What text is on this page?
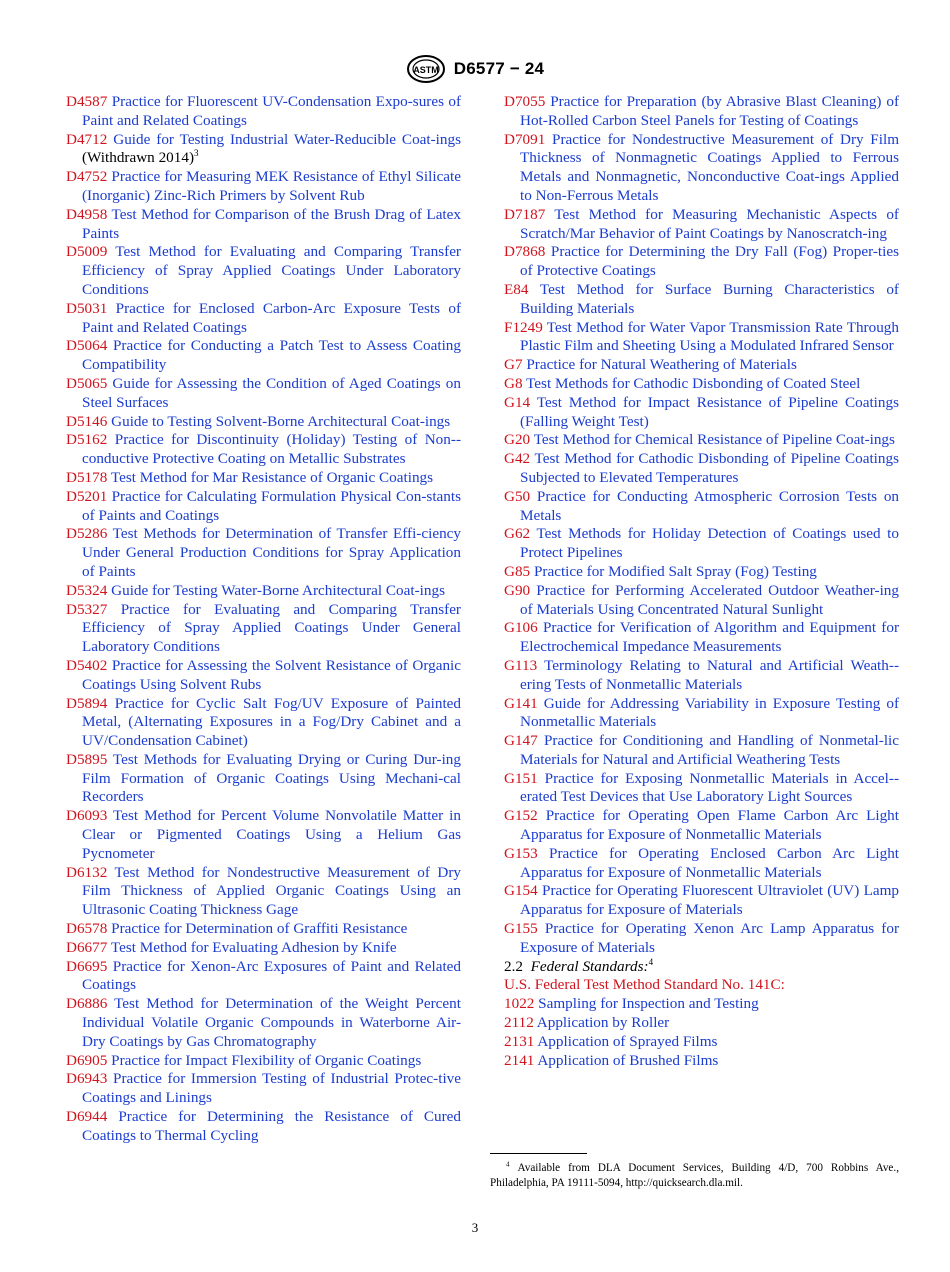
ASTM D6577 − 24
D4587 Practice for Fluorescent UV-Condensation Expo-sures of Paint and Related Coatings
D4712 Guide for Testing Industrial Water-Reducible Coat-ings (Withdrawn 2014)$^3$
D4752 Practice for Measuring MEK Resistance of Ethyl Silicate (Inorganic) Zinc-Rich Primers by Solvent Rub
D4958 Test Method for Comparison of the Brush Drag of Latex Paints
D5009 Test Method for Evaluating and Comparing Transfer Efficiency of Spray Applied Coatings Under Laboratory Conditions
D5031 Practice for Enclosed Carbon-Arc Exposure Tests of Paint and Related Coatings
D5064 Practice for Conducting a Patch Test to Assess Coating Compatibility
D5065 Guide for Assessing the Condition of Aged Coatings on Steel Surfaces
D5146 Guide to Testing Solvent-Borne Architectural Coat-ings
D5162 Practice for Discontinuity (Holiday) Testing of Non-conductive Protective Coating on Metallic Substrates
D5178 Test Method for Mar Resistance of Organic Coatings
D5201 Practice for Calculating Formulation Physical Con-stants of Paints and Coatings
D5286 Test Methods for Determination of Transfer Effi-ciency Under General Production Conditions for Spray Application of Paints
D5324 Guide for Testing Water-Borne Architectural Coat-ings
D5327 Practice for Evaluating and Comparing Transfer Efficiency of Spray Applied Coatings Under General Laboratory Conditions
D5402 Practice for Assessing the Solvent Resistance of Organic Coatings Using Solvent Rubs
D5894 Practice for Cyclic Salt Fog/UV Exposure of Painted Metal, (Alternating Exposures in a Fog/Dry Cabinet and a UV/Condensation Cabinet)
D5895 Test Methods for Evaluating Drying or Curing Dur-ing Film Formation of Organic Coatings Using Mechani-cal Recorders
D6093 Test Method for Percent Volume Nonvolatile Matter in Clear or Pigmented Coatings Using a Helium Gas Pycnometer
D6132 Test Method for Nondestructive Measurement of Dry Film Thickness of Applied Organic Coatings Using an Ultrasonic Coating Thickness Gage
D6578 Practice for Determination of Graffiti Resistance
D6677 Test Method for Evaluating Adhesion by Knife
D6695 Practice for Xenon-Arc Exposures of Paint and Related Coatings
D6886 Test Method for Determination of the Weight Percent Individual Volatile Organic Compounds in Waterborne Air-Dry Coatings by Gas Chromatography
D6905 Practice for Impact Flexibility of Organic Coatings
D6943 Practice for Immersion Testing of Industrial Protec-tive Coatings and Linings
D6944 Practice for Determining the Resistance of Cured Coatings to Thermal Cycling
D7055 Practice for Preparation (by Abrasive Blast Cleaning) of Hot-Rolled Carbon Steel Panels for Testing of Coatings
D7091 Practice for Nondestructive Measurement of Dry Film Thickness of Nonmagnetic Coatings Applied to Ferrous Metals and Nonmagnetic, Nonconductive Coat-ings Applied to Non-Ferrous Metals
D7187 Test Method for Measuring Mechanistic Aspects of Scratch/Mar Behavior of Paint Coatings by Nanoscratch-ing
D7868 Practice for Determining the Dry Fall (Fog) Proper-ties of Protective Coatings
E84 Test Method for Surface Burning Characteristics of Building Materials
F1249 Test Method for Water Vapor Transmission Rate Through Plastic Film and Sheeting Using a Modulated Infrared Sensor
G7 Practice for Natural Weathering of Materials
G8 Test Methods for Cathodic Disbonding of Coated Steel
G14 Test Method for Impact Resistance of Pipeline Coatings (Falling Weight Test)
G20 Test Method for Chemical Resistance of Pipeline Coat-ings
G42 Test Method for Cathodic Disbonding of Pipeline Coatings Subjected to Elevated Temperatures
G50 Practice for Conducting Atmospheric Corrosion Tests on Metals
G62 Test Methods for Holiday Detection of Coatings used to Protect Pipelines
G85 Practice for Modified Salt Spray (Fog) Testing
G90 Practice for Performing Accelerated Outdoor Weather-ing of Materials Using Concentrated Natural Sunlight
G106 Practice for Verification of Algorithm and Equipment for Electrochemical Impedance Measurements
G113 Terminology Relating to Natural and Artificial Weath-ering Tests of Nonmetallic Materials
G141 Guide for Addressing Variability in Exposure Testing of Nonmetallic Materials
G147 Practice for Conditioning and Handling of Nonmetal-lic Materials for Natural and Artificial Weathering Tests
G151 Practice for Exposing Nonmetallic Materials in Accel-erated Test Devices that Use Laboratory Light Sources
G152 Practice for Operating Open Flame Carbon Arc Light Apparatus for Exposure of Nonmetallic Materials
G153 Practice for Operating Enclosed Carbon Arc Light Apparatus for Exposure of Nonmetallic Materials
G154 Practice for Operating Fluorescent Ultraviolet (UV) Lamp Apparatus for Exposure of Materials
G155 Practice for Operating Xenon Arc Lamp Apparatus for Exposure of Materials
2.2 Federal Standards:$^4$
U.S. Federal Test Method Standard No. 141C:
1022 Sampling for Inspection and Testing
2112 Application by Roller
2131 Application of Sprayed Films
2141 Application of Brushed Films
$^4$ Available from DLA Document Services, Building 4/D, 700 Robbins Ave., Philadelphia, PA 19111-5094, http://quicksearch.dla.mil.
3
